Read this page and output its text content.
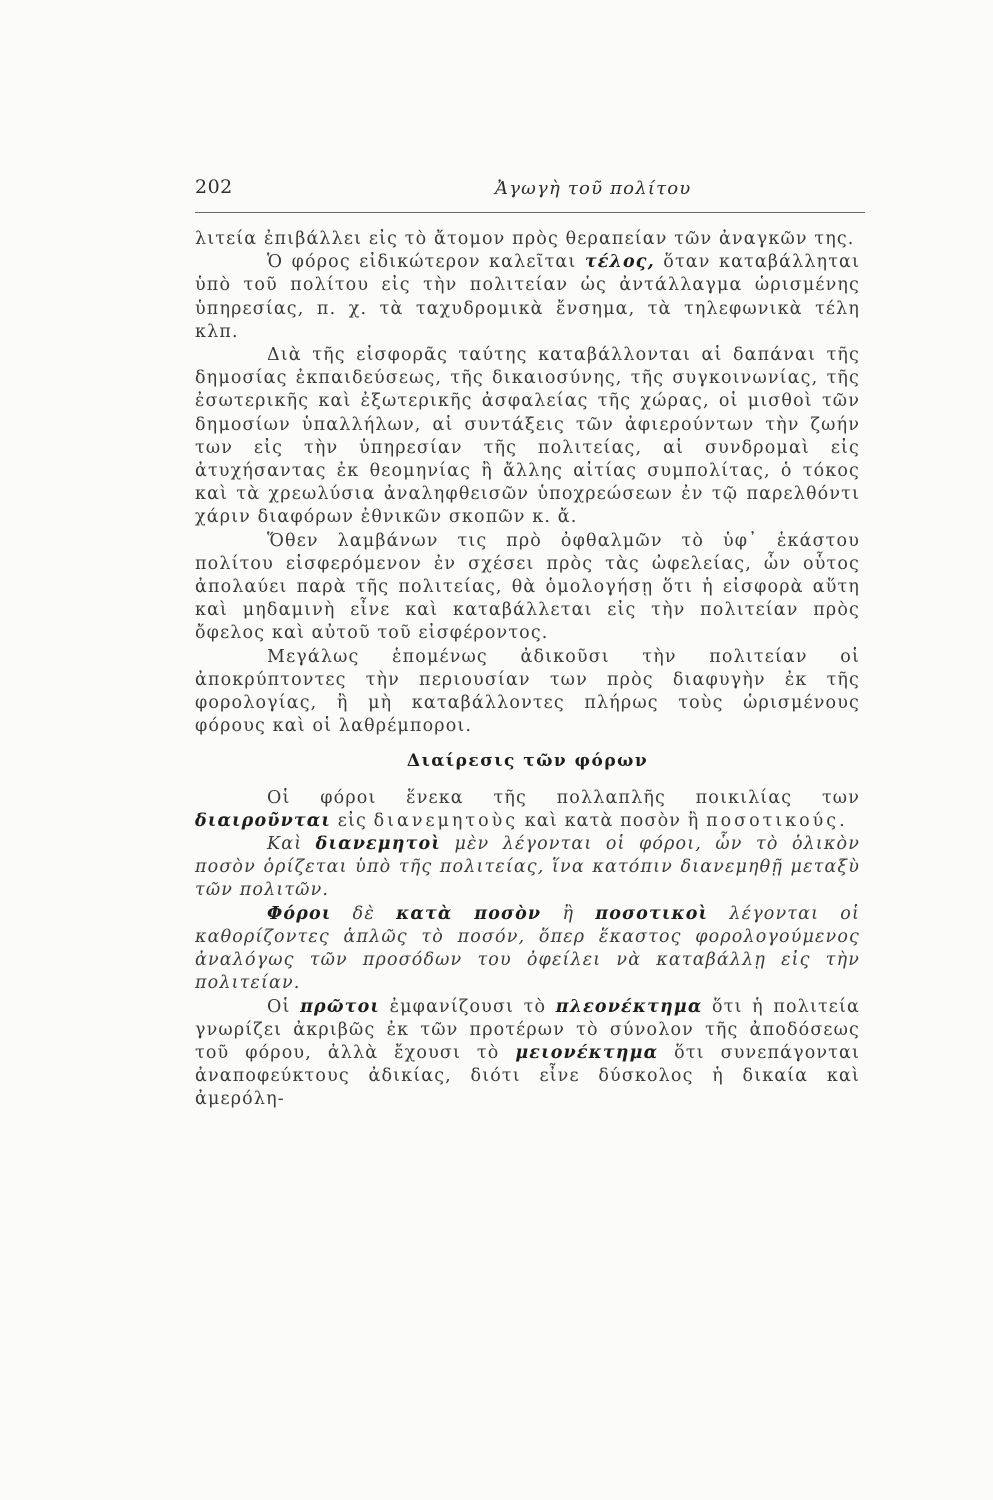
202	Ἀγωγὴ τοῦ πολίτου

λιτεία ἐπιβάλλει εἰς τὸ ἄτομον πρὸς θεραπείαν τῶν ἀναγκῶν της.

Ὁ φόρος εἰδικώτερον καλεῖται τέλος, ὅταν καταβάλληται ὑπὸ τοῦ πολίτου εἰς τὴν πολιτείαν ὡς ἀντάλλαγμα ὡρισμένης ὑπηρεσίας, π. χ. τὰ ταχυδρομικὰ ἔνσημα, τὰ τηλεφωνικὰ τέλη κλπ.

Διὰ τῆς εἰσφορᾶς ταύτης καταβάλλονται αἱ δαπάναι τῆς δημοσίας ἐκπαιδεύσεως, τῆς δικαιοσύνης, τῆς συγκοινωνίας, τῆς ἐσωτερικῆς καὶ ἐξωτερικῆς ἀσφαλείας τῆς χώρας, οἱ μισθοὶ τῶν δημοσίων ὑπαλλήλων, αἱ συντάξεις τῶν ἀφιερούντων τὴν ζωήν των εἰς τὴν ὑπηρεσίαν τῆς πολιτείας, αἱ συνδρομαὶ εἰς ἀτυχήσαντας ἐκ θεομηνίας ἢ ἄλλης αἰτίας συμπολίτας, ὁ τόκος καὶ τὰ χρεωλύσια ἀναληφθεισῶν ὑποχρεώσεων ἐν τῷ παρελθόντι χάριν διαφόρων ἐθνικῶν σκοπῶν κ. ἄ.

Ὅθεν λαμβάνων τις πρὸ ὀφθαλμῶν τὸ ὑφ᾽ ἑκάστου πολίτου εἰσφερόμενον ἐν σχέσει πρὸς τὰς ὠφελείας, ὧν οὗτος ἀπολαύει παρὰ τῆς πολιτείας, θὰ ὁμολογήσῃ ὅτι ἡ εἰσφορὰ αὕτη καὶ μηδαμινὴ εἶνε καὶ καταβάλλεται εἰς τὴν πολιτείαν πρὸς ὄφελος καὶ αὐτοῦ τοῦ εἰσφέροντος.

Μεγάλως ἑπομένως ἀδικοῦσι τὴν πολιτείαν οἱ ἀποκρύπτοντες τὴν περιουσίαν των πρὸς διαφυγὴν ἐκ τῆς φορολογίας, ἢ μὴ καταβάλλοντες πλήρως τοὺς ὡρισμένους φόρους καὶ οἱ λαθρέμποροι.

Διαίρεσις τῶν φόρων

Οἱ φόροι ἕνεκα τῆς πολλαπλῆς ποικιλίας των διαιροῦνται εἰς διανεμητοὺς καὶ κατὰ ποσὸν ἢ ποσοτικούς.

Καὶ διανεμητοὶ μὲν λέγονται οἱ φόροι, ὧν τὸ ὁλικὸν ποσὸν ὁρίζεται ὑπὸ τῆς πολιτείας, ἵνα κατόπιν διανεμηθῇ μεταξὺ τῶν πολιτῶν.

Φόροι δὲ κατὰ ποσὸν ἢ ποσοτικοὶ λέγονται οἱ καθορίζοντες ἁπλῶς τὸ ποσόν, ὅπερ ἕκαστος φορολογούμενος ἀναλόγως τῶν προσόδων του ὀφείλει νὰ καταβάλλῃ εἰς τὴν πολιτείαν.

Οἱ πρῶτοι ἐμφανίζουσι τὸ πλεονέκτημα ὅτι ἡ πολιτεία γνωρίζει ἀκριβῶς ἐκ τῶν προτέρων τὸ σύνολον τῆς ἀποδόσεως τοῦ φόρου, ἀλλὰ ἔχουσι τὸ μειονέκτημα ὅτι συνεπάγονται ἀναποφεύκτους ἀδικίας, διότι εἶνε δύσκολος ἡ δικαία καὶ ἀμερόλη-
